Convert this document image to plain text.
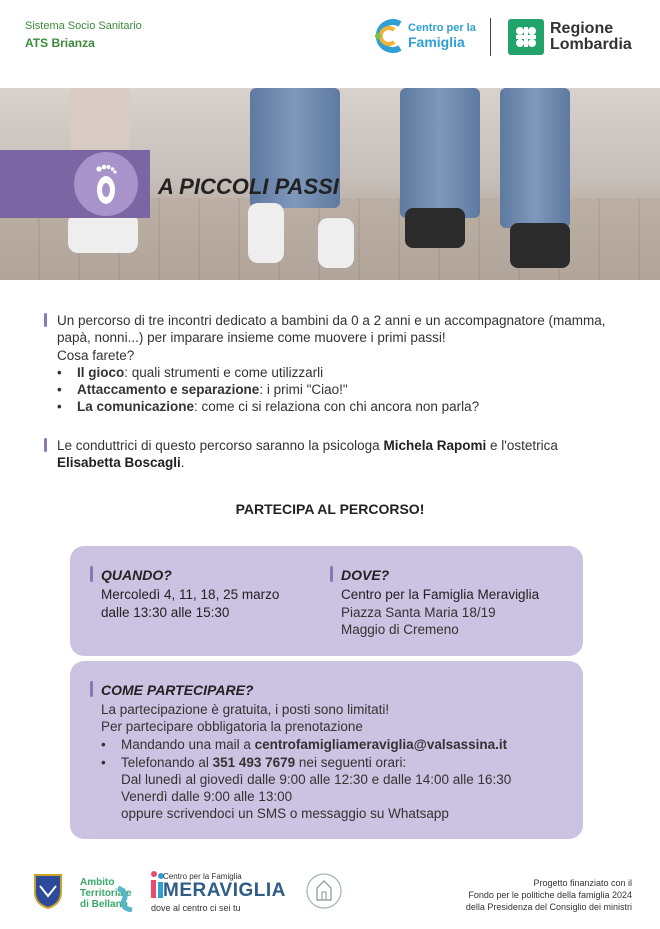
Sistema Socio Sanitario
ATS Brianza
Centro per la
Famiglia
Regione
Lombardia
A PICCOLI PASSI
Un percorso di tre incontri dedicato a bambini da 0 a 2 anni e un accompagnatore (mamma, papà, nonni...) per imparare insieme come muovere i primi passi!
Cosa farete?
• Il gioco: quali strumenti e come utilizzarli
• Attaccamento e separazione: i primi "Ciao!"
• La comunicazione: come ci si relaziona con chi ancora non parla?
Le conduttrici di questo percorso saranno la psicologa Michela Rapomi e l'ostetrica
Elisabetta Boscagli.
PARTECIPA AL PERCORSO!
QUANDO?
Mercoledì 4, 11, 18, 25 marzo
dalle 13:30 alle 15:30
DOVE?
Centro per la Famiglia Meraviglia
Piazza Santa Maria 18/19
Maggio di Cremeno
COME PARTECIPARE?
La partecipazione è gratuita, i posti sono limitati!
Per partecipare obbligatoria la prenotazione
• Mandando una mail a centrofamigliameraviglia@valsassina.it
• Telefonando al 351 493 7679 nei seguenti orari:
Dal lunedì al giovedì dalle 9:00 alle 12:30 e dalle 14:00 alle 16:30
Venerdì dalle 9:00 alle 13:00
oppure scrivendoci un SMS o messaggio su Whatsapp
Ambito
Territoriale
di Bellano
Centro per la Famiglia
MERAVIGLIA
dove al centro ci sei tu
Progetto finanziato con il
Fondo per le politiche della famiglia 2024
della Presidenza del Consiglio dei ministri
